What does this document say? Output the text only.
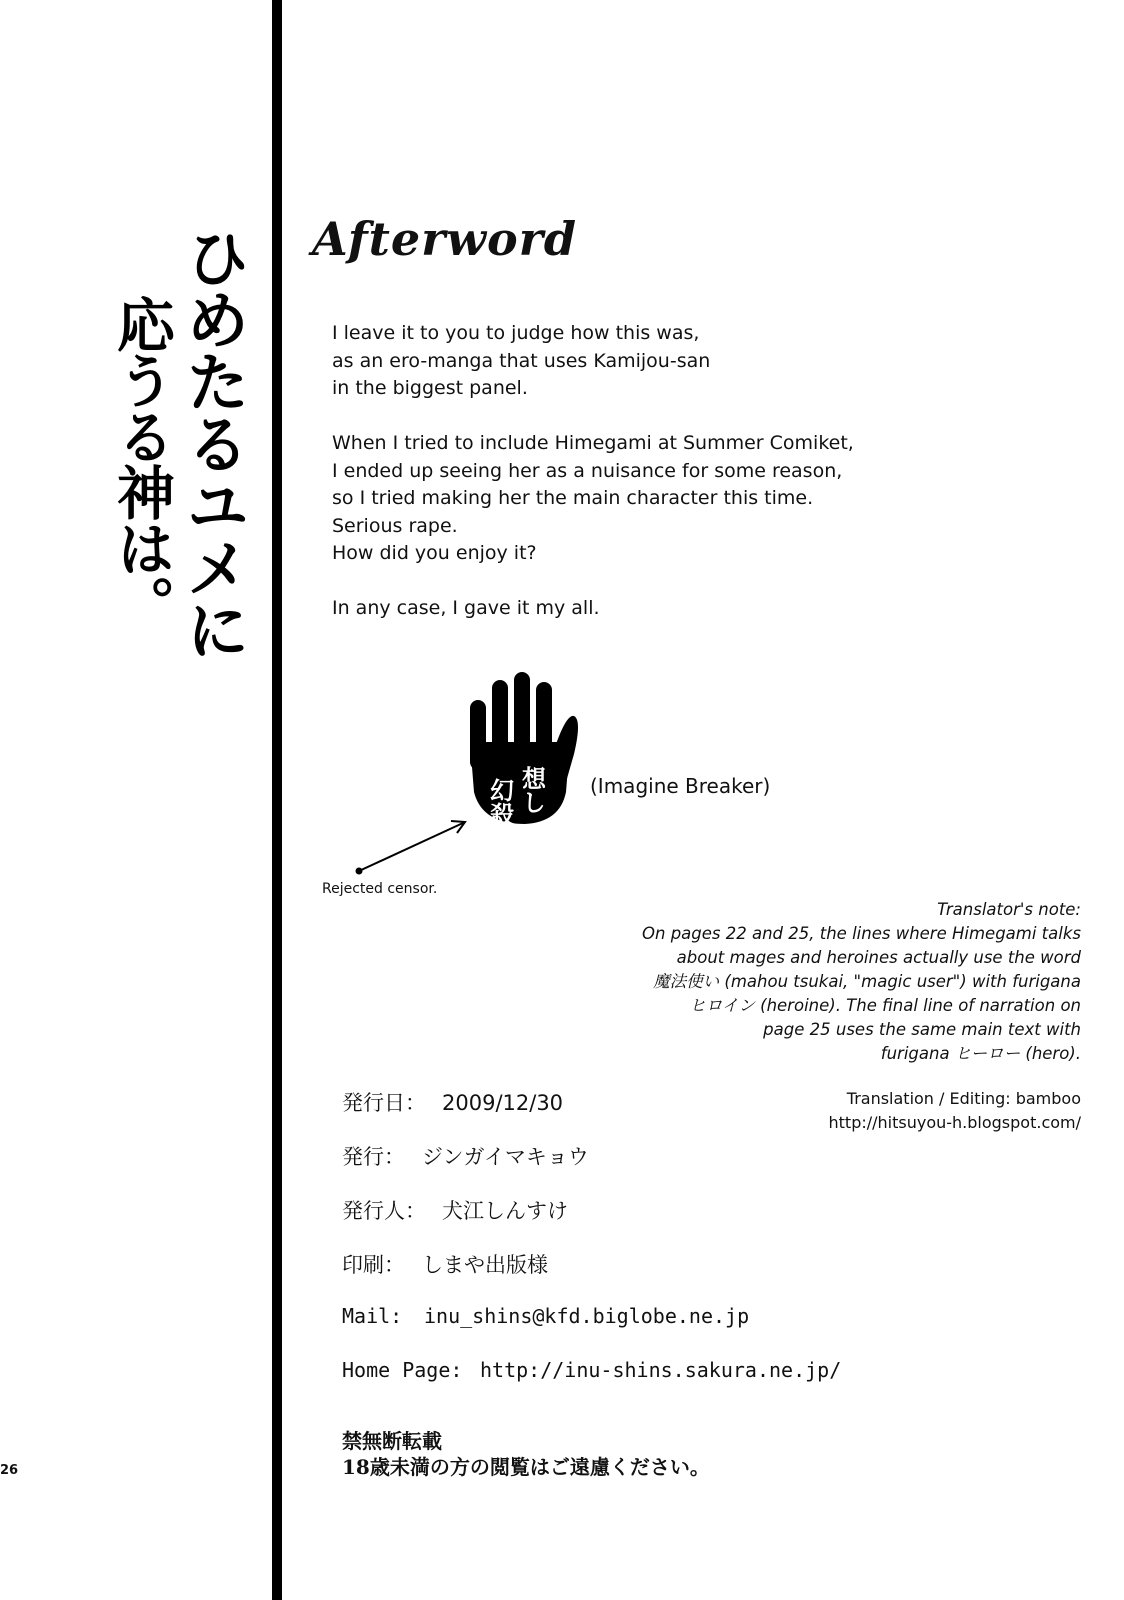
ひめたるユメに
応うる神は。
Afterword

I leave it to you to judge how this was,

as an ero-manga that uses Kamijou-san

in the biggest panel.

When I tried to include Himegami at Summer Comiket,

I ended up seeing her as a nuisance for some reason,

so I tried making her the main character this time.

Serious rape.

How did you enjoy it?

In any case, I gave it my all.

幻殺 想し (Imagine Breaker)
Rejected censor.

Translator's note:

On pages 22 and 25, the lines where Himegami talks

about mages and heroines actually use the word

魔法使い (mahou tsukai, "magic user") with furigana

ヒロイン (heroine). The final line of narration on

page 25 uses the same main text with

furigana ヒーロー (hero).

Translation / Editing: bamboo

http://hitsuyou-h.blogspot.com/

発行日： 2009/12/30
発行： ジンガイマキョウ
発行人： 犬江しんすけ
印刷： しまや出版様
Mail: inu_shins@kfd.biglobe.ne.jp
Home Page: http://inu-shins.sakura.ne.jp/

禁無断転載

18歳未満の方の閲覧はご遠慮ください。

26
